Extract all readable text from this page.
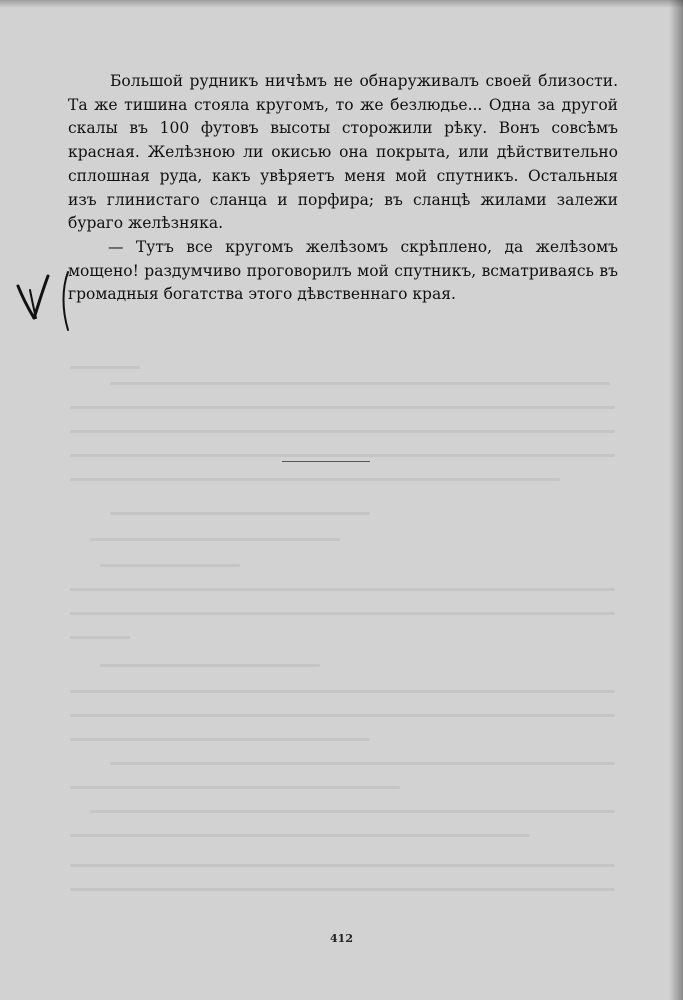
Большой рудникъ ничѣмъ не обнаруживалъ своей близости. Та же тишина стояла кругомъ, то же безлюдье... Одна за другой скалы въ 100 футовъ высоты сторожили рѣку. Вонъ совсѣмъ красная. Желѣзною ли окисью она покрыта, или дѣйствительно сплошная руда, какъ увѣряетъ меня мой спутникъ. Остальныя изъ глинистаго сланца и порфира; въ сланцѣ жилами залежи бураго желѣзняка.

— Тутъ все кругомъ желѣзомъ скрѣплено, да желѣзомъ мощено! раздумчиво проговорилъ мой спутникъ, всматриваясь въ громадныя богатства этого дѣвственнаго края.

412
